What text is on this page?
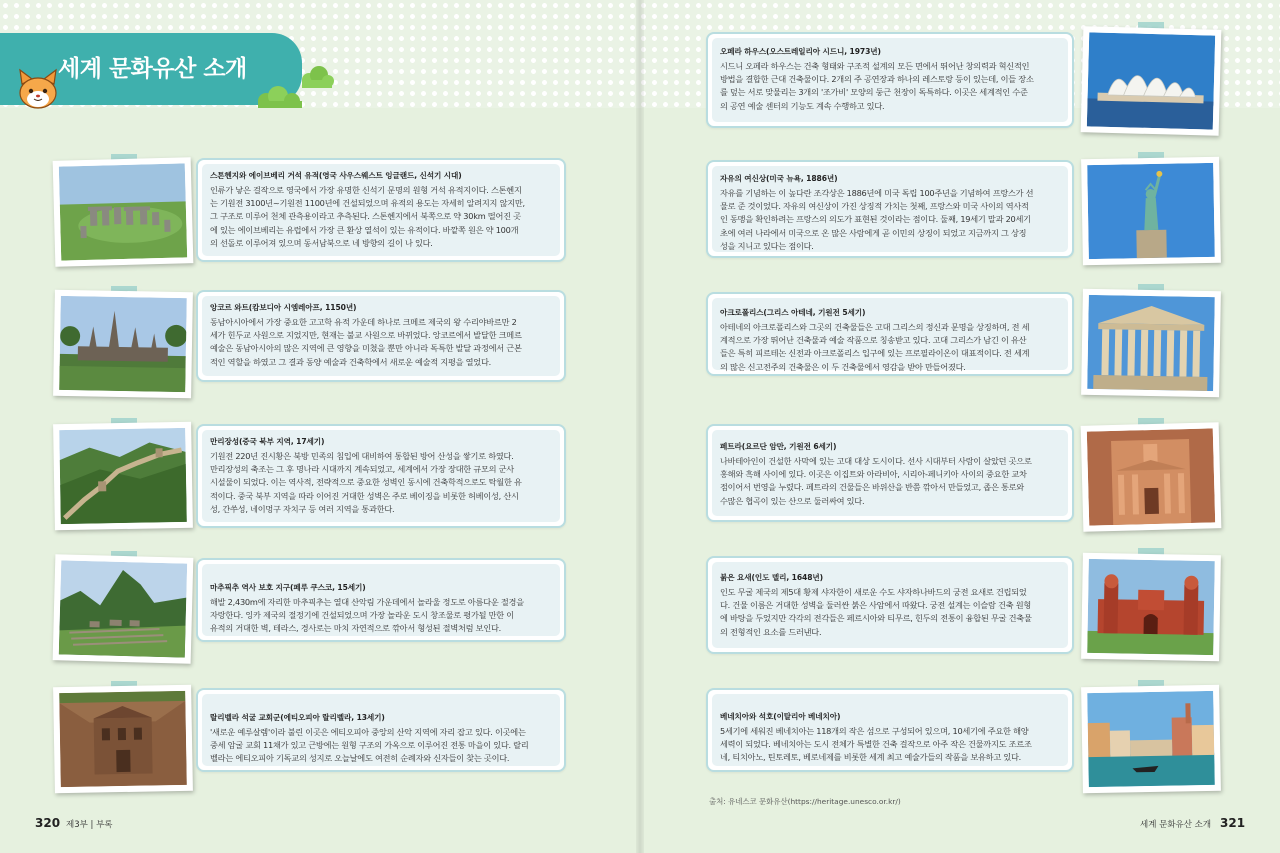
세계 문화유산 소개
스톤헨지와 에이브베리 거석 유적(영국 사우스웨스트 잉글랜드, 신석기 시대)
인류가 낳은 걸작으로 영국에서 가장 유명한 신석기 문명의 원형 거석 유적지이다. 스톤헨지
는 기원전 3100년~기원전 1100년에 건설되었으며 유적의 용도는 자세히 알려지지 않지만,
그 구조로 미루어 천체 관측용이라고 추측된다. 스톤헨지에서 북쪽으로 약 30km 떨어진 곳
에 있는 에이브베리는 유럽에서 가장 큰 환상 열석이 있는 유적이다. 바깥쪽 원은 약 100개
의 선돌로 이루어져 있으며 동서남북으로 네 방향의 길이 나 있다.
앙코르 와트(캄보디아 시엠레아프, 1150년)
동남아시아에서 가장 중요한 고고학 유적 가운데 하나로 크메르 제국의 왕 수리야바르만 2
세가 힌두교 사원으로 지었지만, 현재는 불교 사원으로 바뀌었다. 앙코르에서 발달한 크메르
예술은 동남아시아의 많은 지역에 큰 영향을 미쳤을 뿐만 아니라 독특한 발달 과정에서 근본
적인 역할을 하였고 그 결과 동양 예술과 건축학에서 새로운 예술적 지평을 열었다.
만리장성(중국 북부 지역, 17세기)
기원전 220년 진시황은 북방 민족의 침입에 대비하여 통합된 방어 산성을 쌓기로 하였다.
만리장성의 축조는 그 후 명나라 시대까지 계속되었고, 세계에서 가장 장대한 규모의 군사
시설물이 되었다. 이는 역사적, 전략적으로 중요한 성벽인 동시에 건축학적으로도 탁월한 유
적이다. 중국 북부 지역을 따라 이어진 거대한 성벽은 주로 베이징을 비롯한 허베이성, 산시
성, 간쑤성, 네이멍구 자치구 등 여러 지역을 통과한다.
마추픽추 역사 보호 지구(페루 쿠스코, 15세기)
해발 2,430m에 자리한 마추픽추는 열대 산악림 가운데에서 놀라울 정도로 아름다운 절경을
자랑한다. 잉카 제국의 절정기에 건설되었으며 가장 놀라운 도시 창조물로 평가될 만한 이
유적의 거대한 벽, 테라스, 경사로는 마치 자연적으로 깎아서 형성된 절벽처럼 보인다.
랄리벨라 석굴 교회군(에티오피아 랄리벨라, 13세기)
'새로운 예루살렘'이라 불린 이곳은 에티오피아 중앙의 산악 지역에 자리 잡고 있다. 이곳에는
중세 암굴 교회 11채가 있고 근방에는 원형 구조의 가옥으로 이루어진 전통 마을이 있다. 랄리
벨라는 에티오피아 기독교의 성지로 오늘날에도 여전히 순례자와 신자들이 찾는 곳이다.
오페라 하우스(오스트레일리아 시드니, 1973년)
시드니 오페라 하우스는 건축 형태와 구조적 설계의 모든 면에서 뛰어난 창의력과 혁신적인
방법을 결합한 근대 건축물이다. 2개의 주 공연장과 하나의 레스토랑 등이 있는데, 이들 장소
를 덮는 서로 맞물리는 3개의 '조가비' 모양의 둥근 천장이 독특하다. 이곳은 세계적인 수준
의 공연 예술 센터의 기능도 계속 수행하고 있다.
자유의 여신상(미국 뉴욕, 1886년)
자유를 기념하는 이 높다란 조각상은 1886년에 미국 독립 100주년을 기념하여 프랑스가 선
물로 준 것이었다. 자유의 여신상이 가진 상징적 가치는 첫째, 프랑스와 미국 사이의 역사적
인 동맹을 확인하려는 프랑스의 의도가 표현된 것이라는 점이다. 둘째, 19세기 말과 20세기
초에 여러 나라에서 미국으로 온 많은 사람에게 곧 이민의 상징이 되었고 지금까지 그 상징
성을 지니고 있다는 점이다.
아크로폴리스(그리스 아테네, 기원전 5세기)
아테네의 아크로폴리스와 그곳의 건축물들은 고대 그리스의 정신과 문명을 상징하며, 전 세
계적으로 가장 뛰어난 건축물과 예술 작품으로 칭송받고 있다. 고대 그리스가 남긴 이 유산
들은 특히 피르테논 신전과 아크로폴리스 입구에 있는 프로필라이온이 대표적이다. 전 세계
의 많은 신고전주의 건축물은 이 두 건축물에서 영감을 받아 만들어졌다.
페트라(요르단 암만, 기원전 6세기)
나바테아인이 건설한 사막에 있는 고대 대상 도시이다. 선사 시대부터 사람이 살았던 곳으로
홍해와 흑해 사이에 있다. 이곳은 이집트와 아라비아, 시리아-페니키아 사이의 중요한 교차
점이어서 번영을 누렸다. 페트라의 건물들은 바위산을 반쯤 깎아서 만들었고, 좁은 통로와
수많은 협곡이 있는 산으로 둘러싸여 있다.
붉은 요새(인도 델리, 1648년)
인도 무굴 제국의 제5대 황제 샤자한이 새로운 수도 샤자하나바드의 궁전 요새로 건립되었
다. 건물 이름은 거대한 성벽을 둘러싼 붉은 사암에서 따왔다. 궁전 설계는 이슬람 건축 원형
에 바탕을 두었지만 각각의 전각들은 페르시아와 티무르, 힌두의 전통이 융합된 무굴 건축물
의 전형적인 요소를 드러낸다.
베네치아와 석호(이탈리아 베네치아)
5세기에 세워진 베네치아는 118개의 작은 섬으로 구성되어 있으며, 10세기에 주요한 해양
세력이 되었다. 베네치아는 도시 전체가 특별한 건축 걸작으로 아주 작은 건물까지도 조르조
네, 티치아노, 틴토레토, 베로네제를 비롯한 세계 최고 예술가들의 작품을 보유하고 있다.
출처: 유네스코 문화유산(https://heritage.unesco.or.kr/)
320 제3부 | 부록	세계 문화유산 소개 321
